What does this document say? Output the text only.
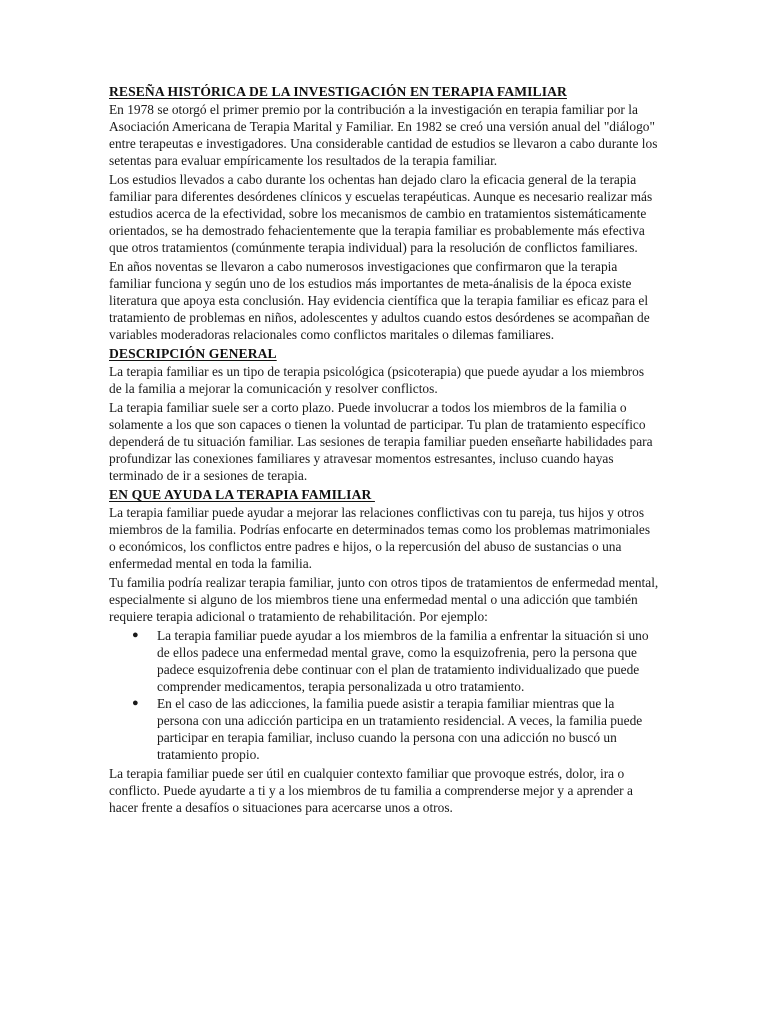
RESEÑA HISTÓRICA DE LA INVESTIGACIÓN EN TERAPIA FAMILIAR

En 1978 se otorgó el primer premio por la contribución a la investigación en terapia familiar por la Asociación Americana de Terapia Marital y Familiar. En 1982 se creó una versión anual del "diálogo" entre terapeutas e investigadores. Una considerable cantidad de estudios se llevaron a cabo durante los setentas para evaluar empíricamente los resultados de la terapia familiar.

Los estudios llevados a cabo durante los ochentas han dejado claro la eficacia general de la terapia familiar para diferentes desórdenes clínicos y escuelas terapéuticas. Aunque es necesario realizar más estudios acerca de la efectividad, sobre los mecanismos de cambio en tratamientos sistemáticamente orientados, se ha demostrado fehacientemente que la terapia familiar es probablemente más efectiva que otros tratamientos (comúnmente terapia individual) para la resolución de conflictos familiares.

En años noventas se llevaron a cabo numerosos investigaciones que confirmaron que la terapia familiar funciona y según uno de los estudios más importantes de meta-ánalisis de la época existe literatura que apoya esta conclusión. Hay evidencia científica que la terapia familiar es eficaz para el tratamiento de problemas en niños, adolescentes y adultos cuando estos desórdenes se acompañan de variables moderadoras relacionales como conflictos maritales o dilemas familiares.

DESCRIPCIÓN GENERAL

La terapia familiar es un tipo de terapia psicológica (psicoterapia) que puede ayudar a los miembros de la familia a mejorar la comunicación y resolver conflictos.

La terapia familiar suele ser a corto plazo. Puede involucrar a todos los miembros de la familia o solamente a los que son capaces o tienen la voluntad de participar. Tu plan de tratamiento específico dependerá de tu situación familiar. Las sesiones de terapia familiar pueden enseñarte habilidades para profundizar las conexiones familiares y atravesar momentos estresantes, incluso cuando hayas terminado de ir a sesiones de terapia.

EN QUE AYUDA LA TERAPIA FAMILIAR

La terapia familiar puede ayudar a mejorar las relaciones conflictivas con tu pareja, tus hijos y otros miembros de la familia. Podrías enfocarte en determinados temas como los problemas matrimoniales o económicos, los conflictos entre padres e hijos, o la repercusión del abuso de sustancias o una enfermedad mental en toda la familia.

Tu familia podría realizar terapia familiar, junto con otros tipos de tratamientos de enfermedad mental, especialmente si alguno de los miembros tiene una enfermedad mental o una adicción que también requiere terapia adicional o tratamiento de rehabilitación. Por ejemplo:

● La terapia familiar puede ayudar a los miembros de la familia a enfrentar la situación si uno de ellos padece una enfermedad mental grave, como la esquizofrenia, pero la persona que padece esquizofrenia debe continuar con el plan de tratamiento individualizado que puede comprender medicamentos, terapia personalizada u otro tratamiento.
● En el caso de las adicciones, la familia puede asistir a terapia familiar mientras que la persona con una adicción participa en un tratamiento residencial. A veces, la familia puede participar en terapia familiar, incluso cuando la persona con una adicción no buscó un tratamiento propio.

La terapia familiar puede ser útil en cualquier contexto familiar que provoque estrés, dolor, ira o conflicto. Puede ayudarte a ti y a los miembros de tu familia a comprenderse mejor y a aprender a hacer frente a desafíos o situaciones para acercarse unos a otros.
